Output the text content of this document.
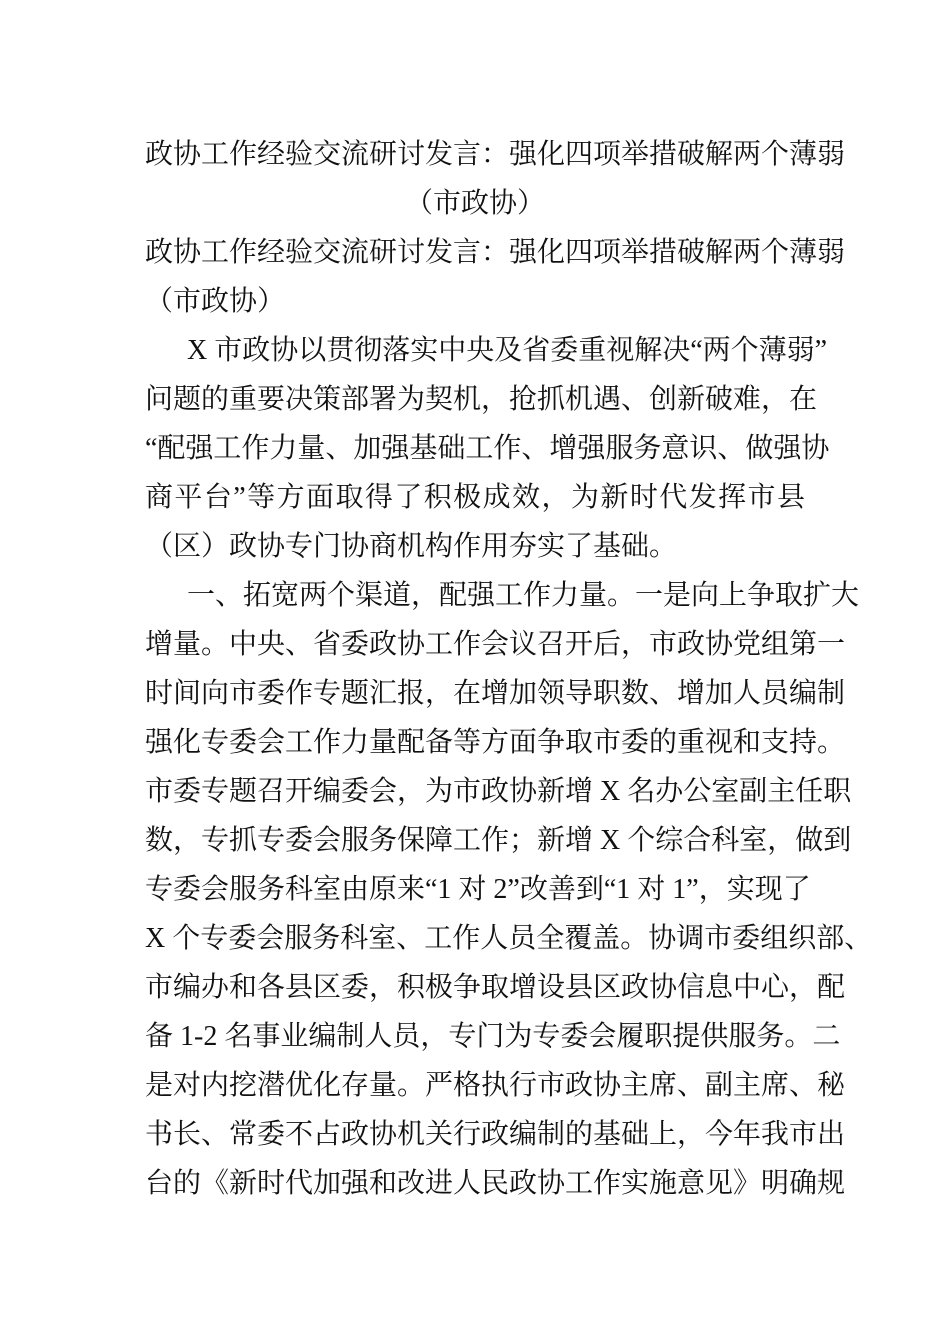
政协工作经验交流研讨发言：强化四项举措破解两个薄弱
（市政协）
政协工作经验交流研讨发言：强化四项举措破解两个薄弱
（市政协）
X 市政协以贯彻落实中央及省委重视解决“两个薄弱”
问题的重要决策部署为契机，抢抓机遇、创新破难，在
“配强工作力量、加强基础工作、增强服务意识、做强协
商平台”等方面取得了积极成效，为新时代发挥市县
（区）政协专门协商机构作用夯实了基础。
一、拓宽两个渠道，配强工作力量。一是向上争取扩大
增量。中央、省委政协工作会议召开后，市政协党组第一
时间向市委作专题汇报，在增加领导职数、增加人员编制
强化专委会工作力量配备等方面争取市委的重视和支持。
市委专题召开编委会，为市政协新增 X 名办公室副主任职
数，专抓专委会服务保障工作；新增 X 个综合科室，做到
专委会服务科室由原来“1 对 2”改善到“1 对 1”，实现了
X 个专委会服务科室、工作人员全覆盖。协调市委组织部、
市编办和各县区委，积极争取增设县区政协信息中心，配
备 1-2 名事业编制人员，专门为专委会履职提供服务。二
是对内挖潜优化存量。严格执行市政协主席、副主席、秘
书长、常委不占政协机关行政编制的基础上，今年我市出
台的《新时代加强和改进人民政协工作实施意见》明确规
